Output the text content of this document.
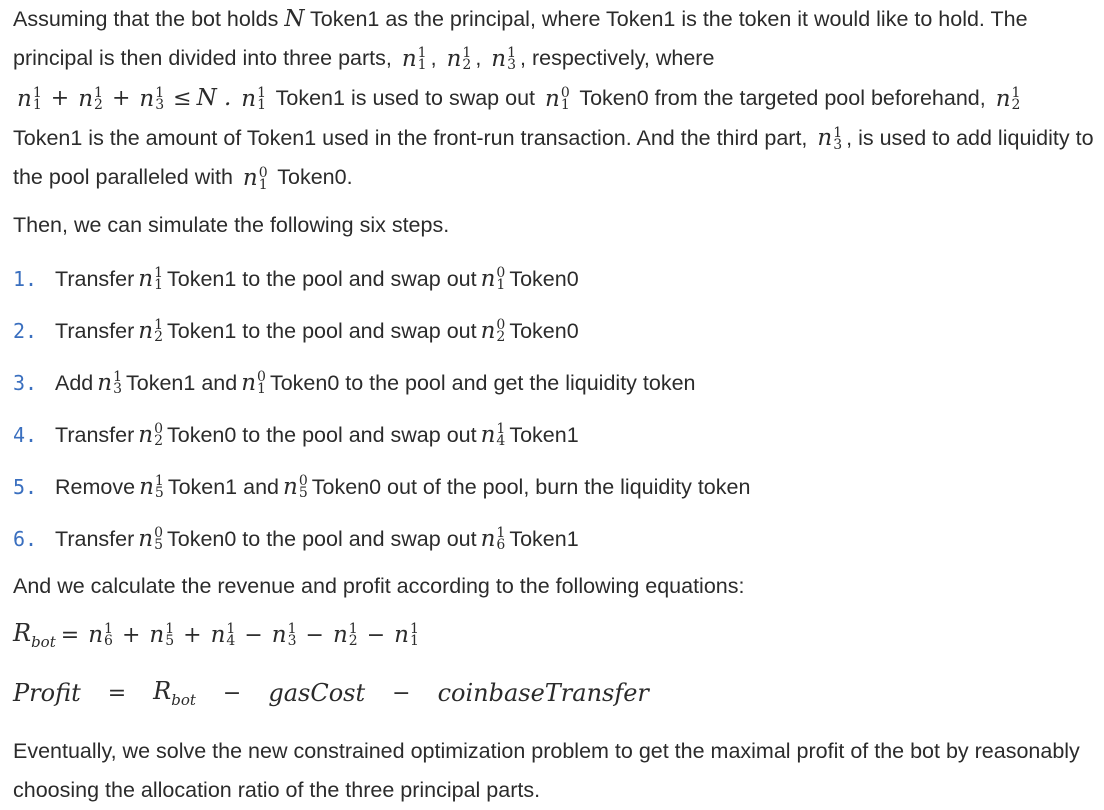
Assuming that the bot holds N Token1 as the principal, where Token1 is the token it would like to hold. The principal is then divided into three parts, n 1
1 , n 1
2 , n 1
3 , respectively, where

n 1
1 + n 1
2 + n 1
3 ≤ N . n 1
1 Token1 is used to swap out n 0
1 Token0 from the targeted pool beforehand, n 1
2
Token1 is the amount of Token1 used in the front-run transaction. And the third part, n 1
3 , is used to add liquidity to the pool paralleled with n 0
1 Token0.

Then, we can simulate the following six steps.

1. Transfer n 1
1 Token1 to the pool and swap out n 0
1 Token0
2. Transfer n 1
2 Token1 to the pool and swap out n 0
2 Token0
3. Add n 1
3 Token1 and n 0
1 Token0 to the pool and get the liquidity token
4. Transfer n 0
2 Token0 to the pool and swap out n 1
4 Token1
5. Remove n 1
5 Token1 and n 0
5 Token0 out of the pool, burn the liquidity token
6. Transfer n 0
5 Token0 to the pool and swap out n 1
6 Token1

And we calculate the revenue and profit according to the following equations:

$R_{bot} = n$ 1
6 + n 1
5 + n 1
4 − n 1
3 − n 1
2 − n 1
1
Profit = $R_{bot}$ − gasCost − coinbaseTransfer

Eventually, we solve the new constrained optimization problem to get the maximal profit of the bot by reasonably choosing the allocation ratio of the three principal parts.
